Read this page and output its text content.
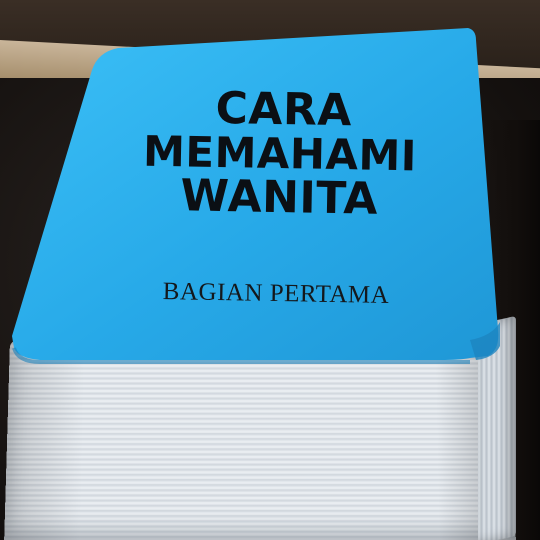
CARA
MEMAHAMI
WANITA
BAGIAN PERTAMA
